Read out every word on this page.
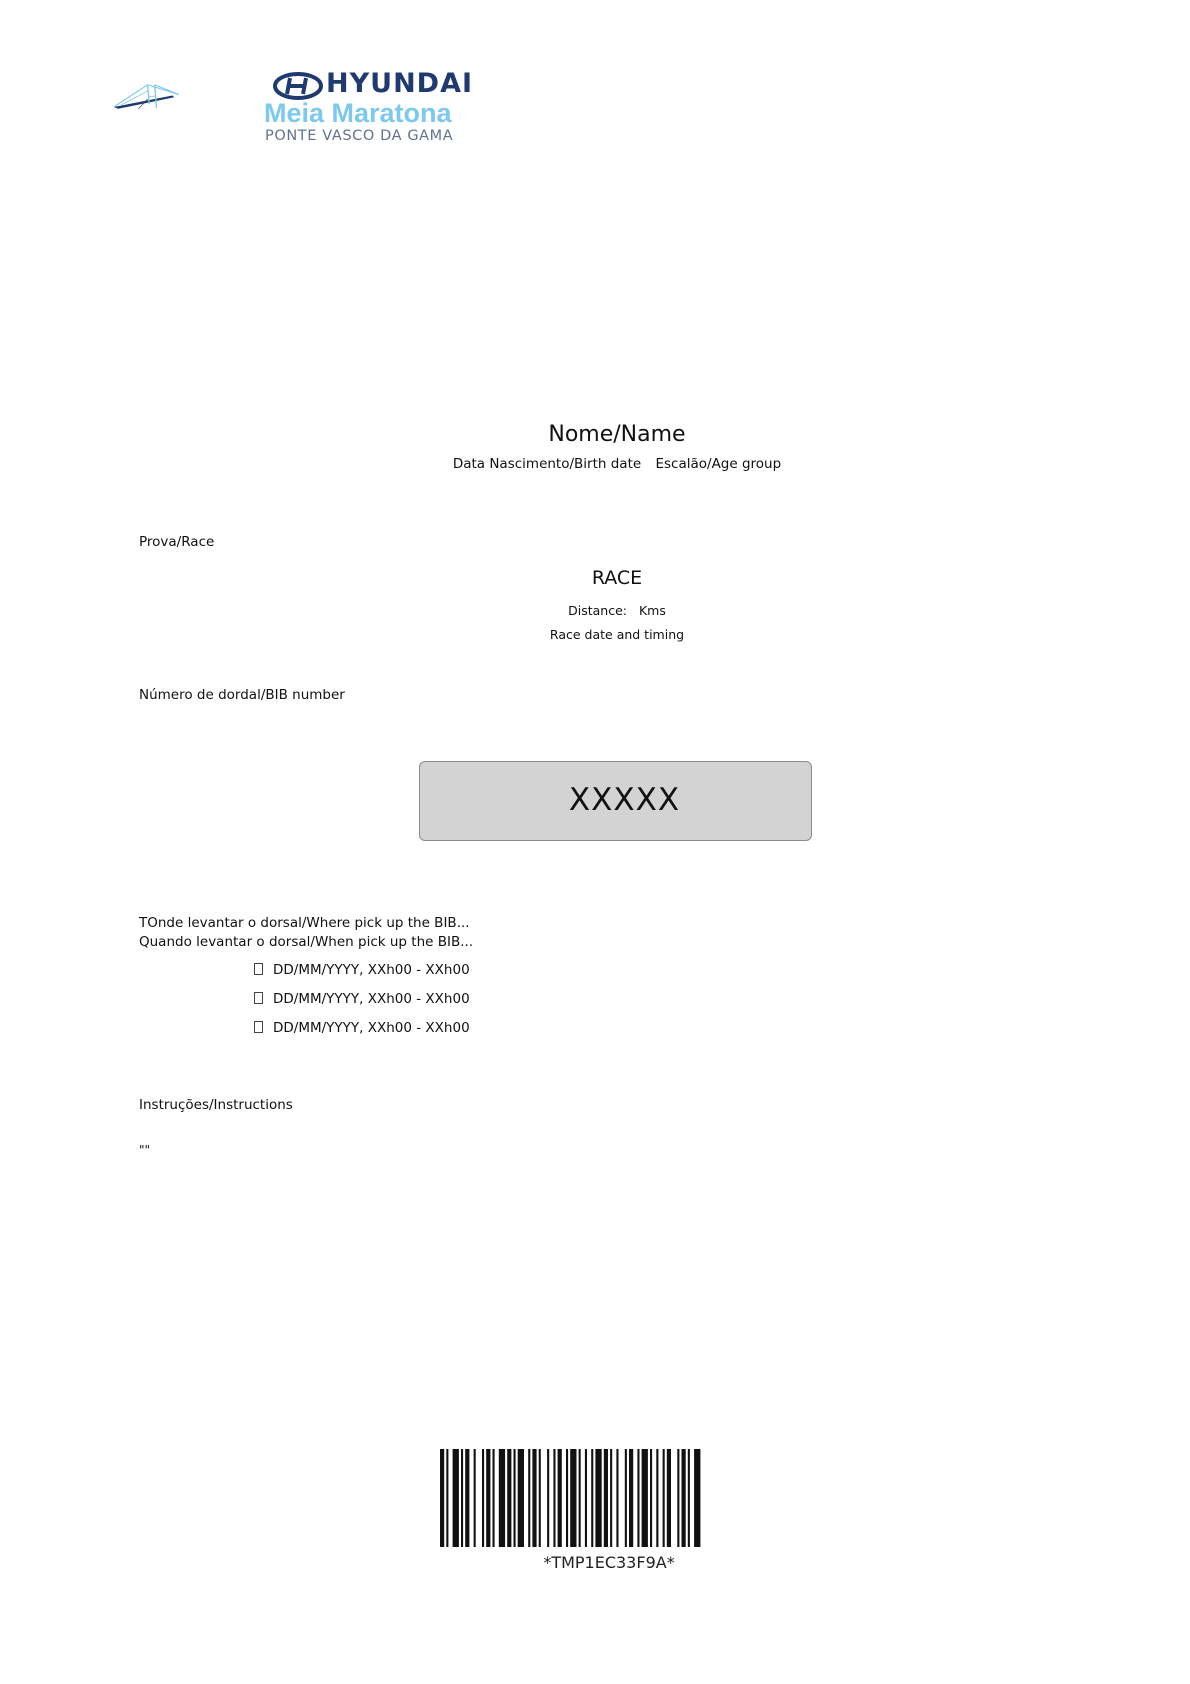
HYUNDAI
Meia Maratona
PONTE VASCO DA GAMA
Nome/Name
Data Nascimento/Birth date Escalão/Age group
Prova/Race
RACE
Distance: Kms
Race date and timing
Número de dordal/BIB number
XXXXX
TOnde levantar o dorsal/Where pick up the BIB...
Quando levantar o dorsal/When pick up the BIB...
DD/MM/YYYY, XXh00 - XXh00
DD/MM/YYYY, XXh00 - XXh00
DD/MM/YYYY, XXh00 - XXh00
Instruções/Instructions
""
*TMP1EC33F9A*
